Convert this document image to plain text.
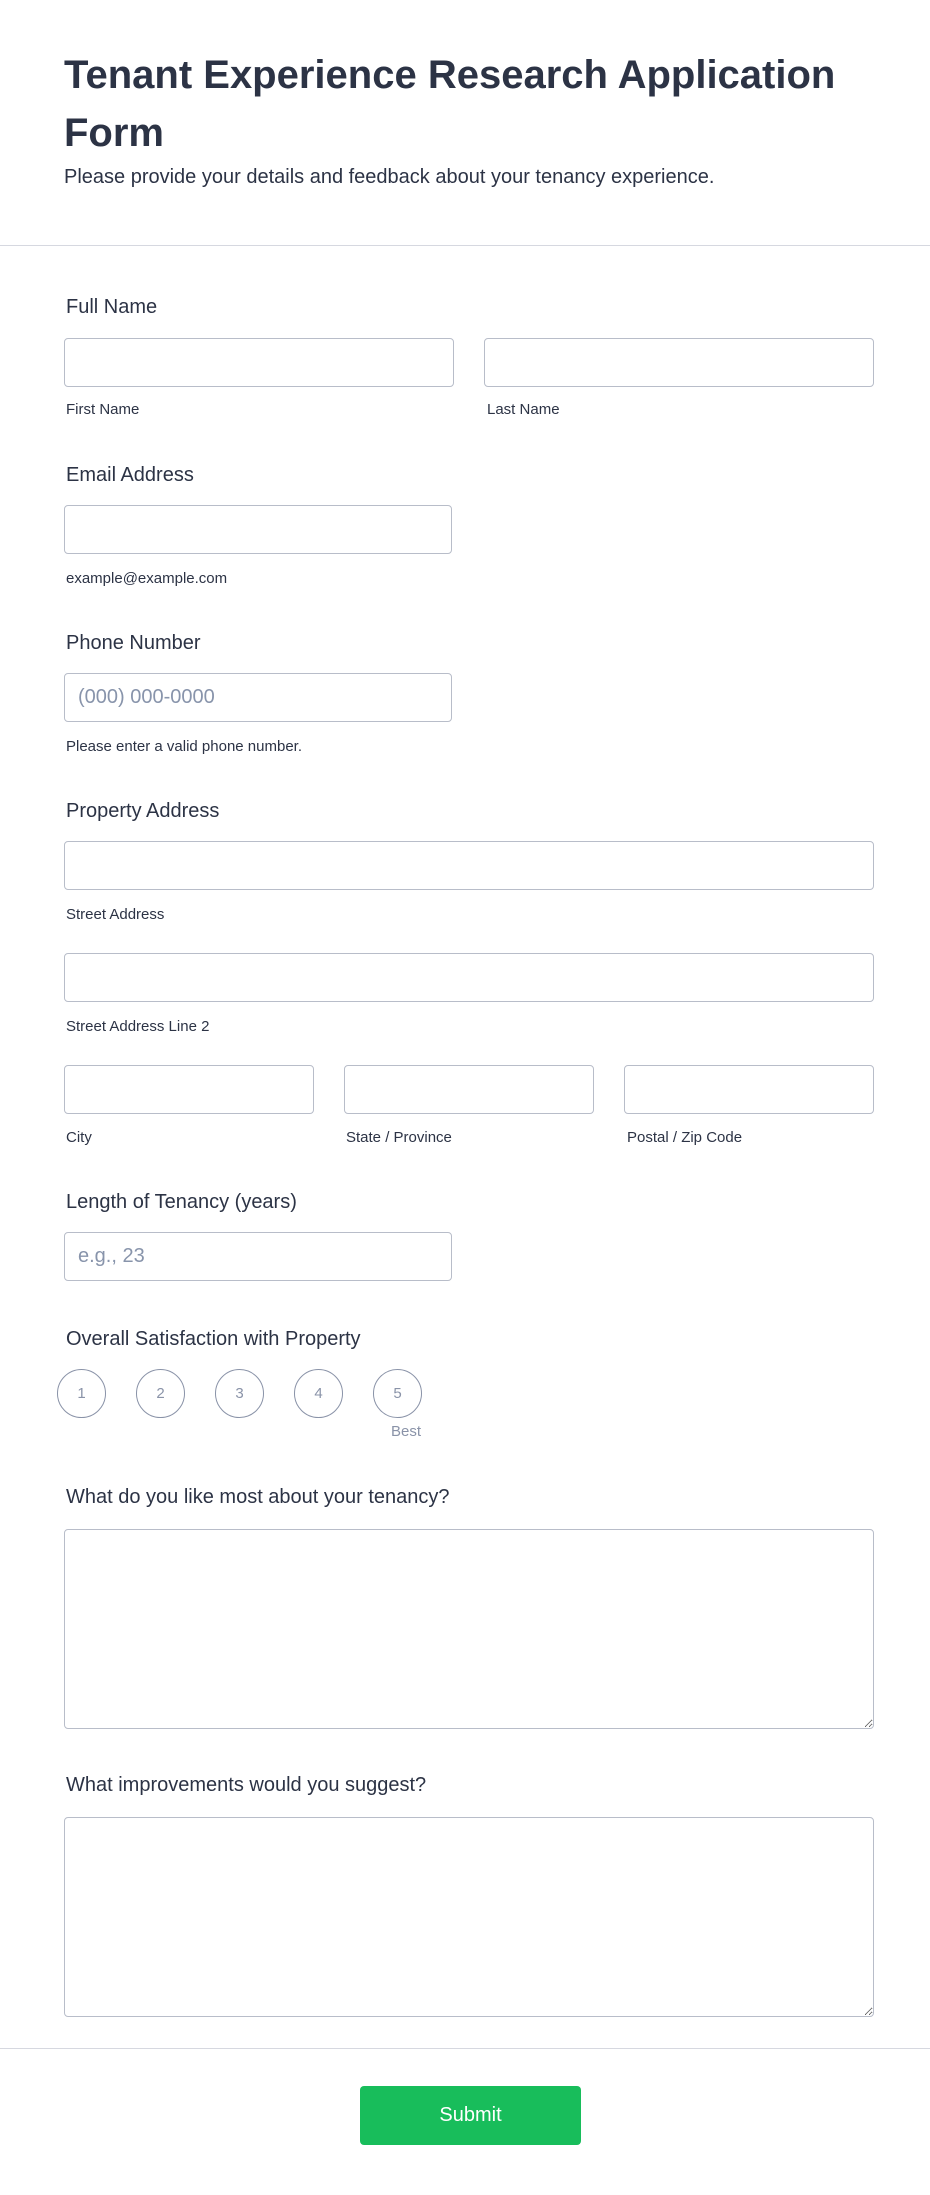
Tenant Experience Research Application Form
Please provide your details and feedback about your tenancy experience.
Full Name
First Name	Last Name
Email Address
example@example.com
Phone Number
(000) 000-0000
Please enter a valid phone number.
Property Address
Street Address
Street Address Line 2
City	State / Province	Postal / Zip Code
Length of Tenancy (years)
e.g., 23
Overall Satisfaction with Property
1	2	3	4	5
Best
What do you like most about your tenancy?
What improvements would you suggest?
Submit
